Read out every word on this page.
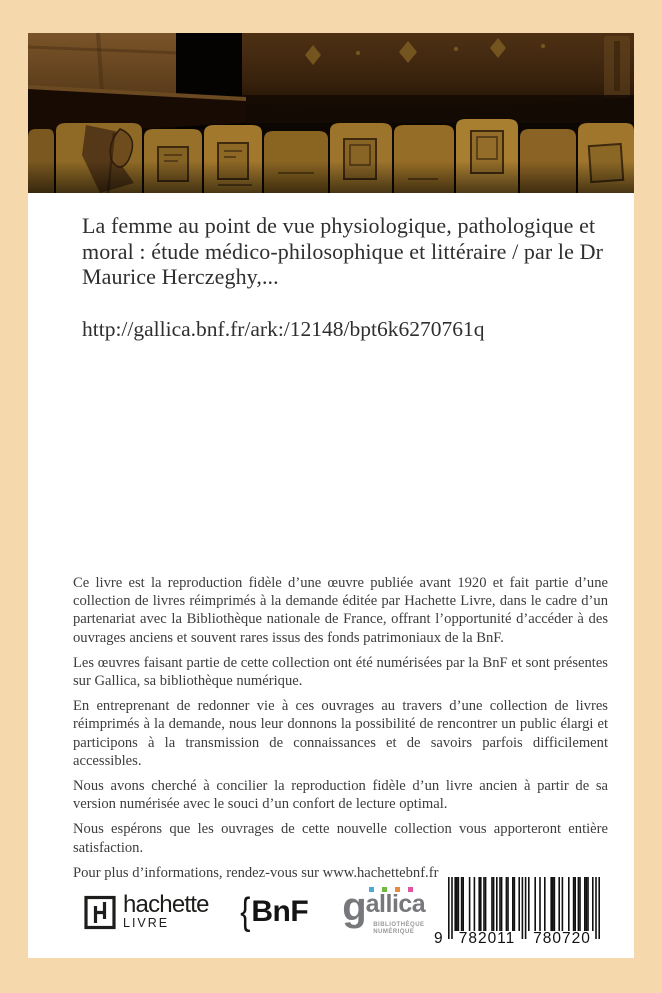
La femme au point de vue physiologique, pathologique et moral : étude médico-philosophique et littéraire / par le Dr Maurice Herczeghy,...
http://gallica.bnf.fr/ark:/12148/bpt6k6270761q

Ce livre est la reproduction fidèle d’une œuvre publiée avant 1920 et fait partie d’une collection de livres réimprimés à la demande éditée par Hachette Livre, dans le cadre d’un partenariat avec la Bibliothèque nationale de France, offrant l’opportunité d’accéder à des ouvrages anciens et souvent rares issus des fonds patrimoniaux de la BnF.

Les œuvres faisant partie de cette collection ont été numérisées par la BnF et sont présentes sur Gallica, sa bibliothèque numérique.

En entreprenant de redonner vie à ces ouvrages au travers d’une collection de livres réimprimés à la demande, nous leur donnons la possibilité de rencontrer un public élargi et participons à la transmission de connaissances et de savoirs parfois difficilement accessibles.

Nous avons cherché à concilier la reproduction fidèle d’un livre ancien à partir de sa version numérisée avec le souci d’un confort de lecture optimal.

Nous espérons que les ouvrages de cette nouvelle collection vous apporteront entière satisfaction.

Pour plus d’informations, rendez-vous sur www.hachettebnf.fr

hachette
LIVRE	{ BnF gallica
BIBLIOTHÈQUE
NUMÉRIQUE	9	782011	780720
